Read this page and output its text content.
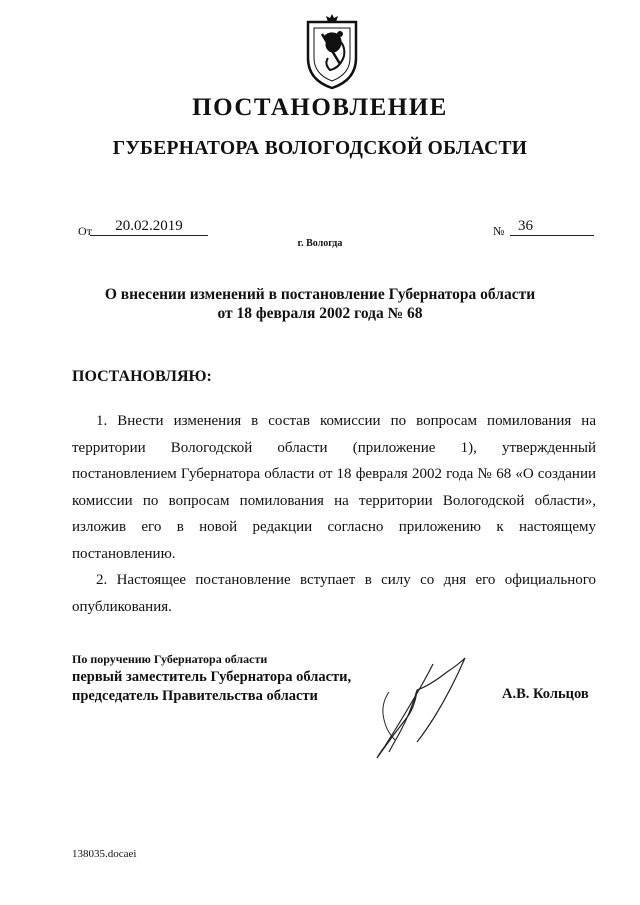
ПОСТАНОВЛЕНИЕ
ГУБЕРНАТОРА ВОЛОГОДСКОЙ ОБЛАСТИ
От	20.02.2019	№ 36
г. Вологда
О внесении изменений в постановление Губернатора области
от 18 февраля 2002 года № 68
ПОСТАНОВЛЯЮ:

1. Внести изменения в состав комиссии по вопросам помилования на территории Вологодской области (приложение 1), утвержденный постановлением Губернатора области от 18 февраля 2002 года № 68 «О создании комиссии по вопросам помилования на территории Вологодской области», изложив его в новой редакции согласно приложению к настоящему постановлению.

2. Настоящее постановление вступает в силу со дня его официального опубликования.

По поручению Губернатора области
первый заместитель Губернатора области,
председатель Правительства области	А.В. Кольцов
138035.docaei
